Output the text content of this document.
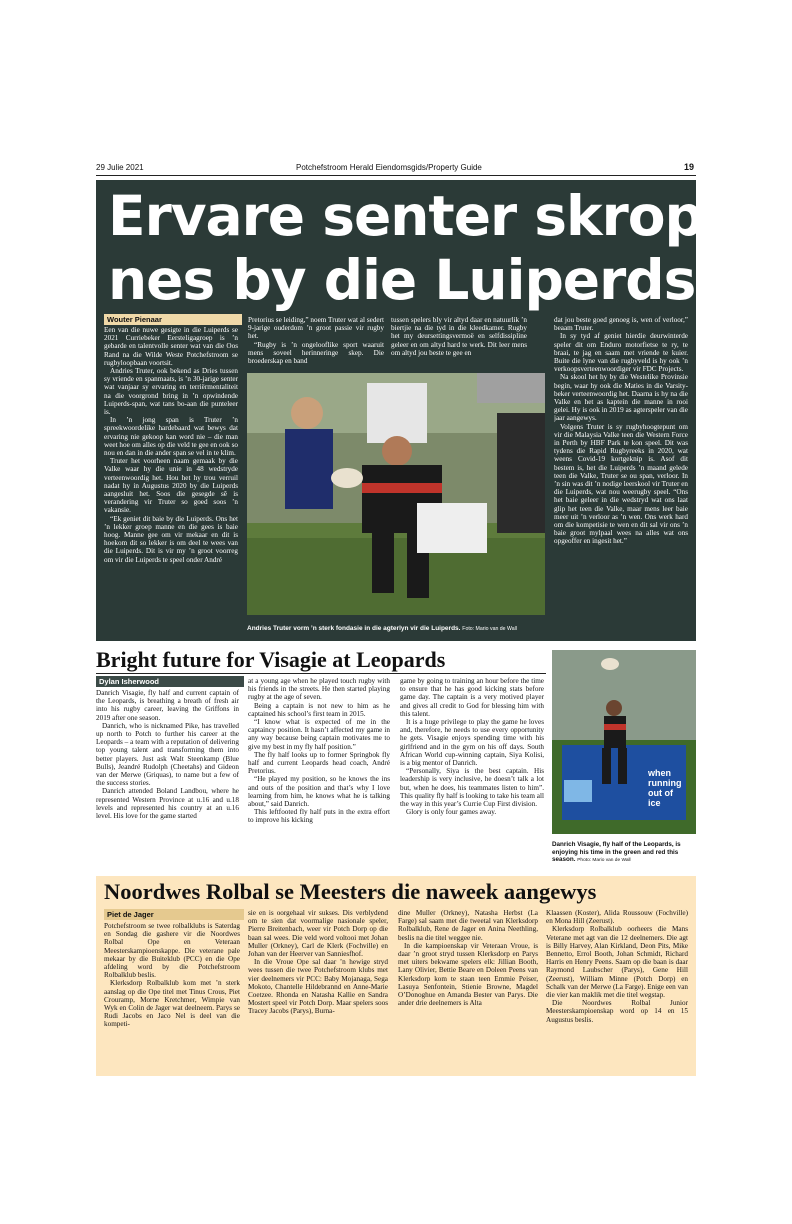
29 Julie 2021	Potchefstroom Herald Eiendomsgids/Property Guide	19
Ervare senter skrop
nes by die Luiperds
Wouter Pienaar

Een van die nuwe gesigte in die Luiperds se 2021 Curriebeker Eersteligagroep is ’n gebarde en talentvolle senter wat van die Oos Rand na die Wilde Weste Potchefstroom se rugbyloopbaan voortsit.

Andries Truter, ook bekend as Dries tussen sy vriende en spanmaats, is ’n 30-jarige senter wat vanjaar sy ervaring en terriërmentaliteit na die voorgrond bring in ’n opwindende Luiperds-span, wat tans bo-aan die punteleer is.

In ’n jong span is Truter ’n spreekwoordelike hardebaard wat bewys dat ervaring nie gekoop kan word nie – die man weet hoe om alles op die veld te gee en ook so nou en dan in die ander span se vel in te klim.

Truter het voorheen naam gemaak by die Valke waar hy die unie in 48 wedstryde verteenwoordig het. Hou het hy trou verruil nadat hy in Augustus 2020 by die Luiperds aangesluit het. Soos die gesegde sê is verandering vir Truter so goed soos ’n vakansie.

“Ek geniet dit baie by die Luiperds. Ons het ’n lekker groep manne en die gees is baie hoog. Manne gee om vir mekaar en dit is hoekom dit so lekker is om deel te wees van die Luiperds. Dit is vir my ’n groot voorreg om vir die Luiperds te speel onder André

Pretorius se leiding,” noem Truter wat al sedert 9-jarige ouderdom ’n groot passie vir rugby het.

“Rugby is ’n ongelooflike sport waaruit mens soveel herinneringe skep. Die broederskap en band

tussen spelers bly vir altyd daar en natuurlik ’n biertjie na die tyd in die kleedkamer. Rugby het my deursettingsvermoë en selfdissipline geleer en om altyd hard te werk. Dit leer mens om altyd jou beste te gee en

dat jou beste goed genoeg is, wen of verloor,” beaam Truter.

In sy tyd af geniet hierdie deurwinterde speler dit om Enduro motorfietse te ry, te braai, te jag en saam met vriende te kuier. Buite die lyne van die rugbyveld is hy ook ’n verkoopsverteenwoordiger vir FDC Projects.

Na skool het hy by die Westelike Provinsie begin, waar hy ook die Maties in die Varsitybeker verteenwoordig het. Daarna is hy na die Valke en het as kaptein die manne in rooi gelei. Hy is ook in 2019 as agterspeler van die jaar aangewys.

Volgens Truter is sy rugbyhoogtepunt om vir die Malaysia Valke teen die Western Force in Perth by HBF Park te kon speel. Dit was tydens die Rapid Rugbyreeks in 2020, wat weens Covid-19 kortgeknip is. Asof dit bestem is, het die Luiperds ’n maand gelede teen die Valke, Truter se ou span, verloor. In ’n sin was dit ’n nodige leerskool vir Truter en die Luiperds, wat nou weerugby speel. “Ons het baie geleer in die wedstryd wat ons laat glip het teen die Valke, maar mens leer baie meer uit ’n verloor as ’n wen. Ons werk hard om die kompetisie te wen en dit sal vir ons ’n baie groot mylpaal wees na alles wat ons opgeoffer en ingesit het.”

Andries Truter vorm ’n sterk fondasie in die agterlyn vir die Luiperds. Foto: Mario van de Wall
Bright future for Visagie at Leopards
Dylan Isherwood

Danrich Visagie, fly half and current captain of the Leopards, is breathing a breath of fresh air into his rugby career, leaving the Griffons in 2019 after one season.

Danrich, who is nicknamed Pike, has travelled up north to Potch to further his career at the Leopards – a team with a reputation of delivering top young talent and transforming them into better players. Just ask Walt Steenkamp (Blue Bulls), Jeandré Rudolph (Cheetahs) and Gideon van der Merwe (Griquas), to name but a few of the success stories.

Danrich attended Boland Landbou, where he represented Western Province at u.16 and u.18 levels and represented his country at an u.16 level. His love for the game started

at a young age when he played touch rugby with his friends in the streets. He then started playing rugby at the age of seven.

Being a captain is not new to him as he captained his school’s first team in 2015.

“I know what is expected of me in the captaincy position. It hasn’t affected my game in any way because being captain motivates me to give my best in my fly half position.”

The fly half looks up to former Springbok fly half and current Leopards head coach, André Pretorius.

“He played my position, so he knows the ins and outs of the position and that’s why I love learning from him, he knows what he is talking about,” said Danrich.

This leftfooted fly half puts in the extra effort to improve his kicking

game by going to training an hour before the time to ensure that he has good kicking stats before game day. The captain is a very motived player and gives all credit to God for blessing him with this talent.

It is a huge privilege to play the game he loves and, therefore, he needs to use every opportunity he gets. Visagie enjoys spending time with his girlfriend and in the gym on his off days. South African World cup-winning captain, Siya Kolisi, is a big mentor of Danrich.

“Personally, Siya is the best captain. His leadership is very inclusive, he doesn’t talk a lot but, when he does, his teammates listen to him”. This quality fly half is looking to take his team all the way in this year’s Currie Cup First division.

Glory is only four games away.

when
running out of
ice
Danrich Visagie, fly half of the Leopards, is enjoying his time in the green and red this season. Photo: Mario van de Wall
Noordwes Rolbal se Meesters die naweek aangewys
Piet de Jager

Potchefstroom se twee rolbalklubs is Saterdag en Sondag die gashere vir die Noordwes Rolbal Ope en Veteraan Meesterskampioenskappe. Die veterane pale mekaar by die Buiteklub (PCC) en die Ope afdeling word by die Potchefstroom Rolbalklub beslis.

Klerksdorp Rolbalklub kom met ’n sterk aanslag op die Ope titel met Tinus Crous, Piet Crouramp, Morne Kretchmer, Wimpie van Wyk en Colin de Jager wat deelneem. Parys se Rudi Jacobs en Jaco Nel is deel van die kompeti-

sie en is oorgehaal vir sukses. Dis verblydend om te sien dat voormalige nasionale speler, Pierre Breitenbach, weer vir Potch Dorp op die baan sal wees. Die veld word voltooi met Johan Muller (Orkney), Carl de Klerk (Fochville) en Johan van der Heerver van Sanniesfhof.

In die Vroue Ope sal daar ’n hewige stryd wees tussen die twee Potchefstroom klubs met vier deelnemers vir PCC: Baby Mojanaga, Sega Mokoto, Chantelle Hildebrannd en Anne-Marie Coetzee. Rhonda en Natasha Kallie en Sandra Mostert speel vir Potch Dorp. Maar spelers soos Tracey Jacobs (Parys), Burna-

dine Muller (Orkney), Natasha Herbst (La Farge) sal saam met die tweetal van Klerksdorp Rolbalklub, Rene de Jager en Anina Neethling, beslis na die titel weggee nie.

In die kampioenskap vir Veteraan Vroue, is daar ’n groot stryd tussen Klerksdorp en Parys met uiters bekwame spelers elk: Jillian Booth, Lany Olivier, Bettie Beare en Doleen Peens van Klerksdorp kom te staan teen Emmie Peiser, Lasuya Senfontein, Stienie Browne, Magdel O’Donoghue en Amanda Bester van Parys. Die ander drie deelnemers is Alta

Klaassen (Koster), Alida Roussouw (Fochville) en Mona Hill (Zeerust).

Klerksdorp Rolbalklub oorheers die Mans Veterane met agt van die 12 deelnemers. Die agt is Billy Harvey, Alan Kirkland, Deon Pits, Mike Bennetto, Errol Booth, Johan Schmidt, Richard Harris en Henry Peens. Saam op die baan is daar Raymond Laubscher (Parys), Gene Hill (Zeerust), William Minne (Potch Dorp) en Schalk van der Merwe (La Farge). Enige een van die vier kan maklik met die titel wegstap.

Die Noordwes Rolbal Junior Meesterskampioenskap word op 14 en 15 Augustus beslis.
